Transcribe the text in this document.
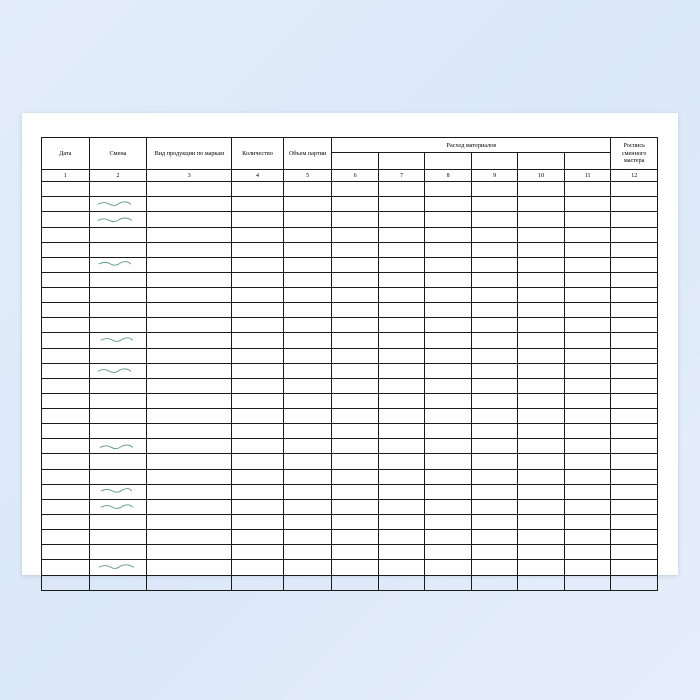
Дата	Смена	Вид продукции по маркам	Количество	Объем партии	Расход материалов						Роспись сменного мастера

1	2	3	4	5	6	7	8	9	10	11	12
